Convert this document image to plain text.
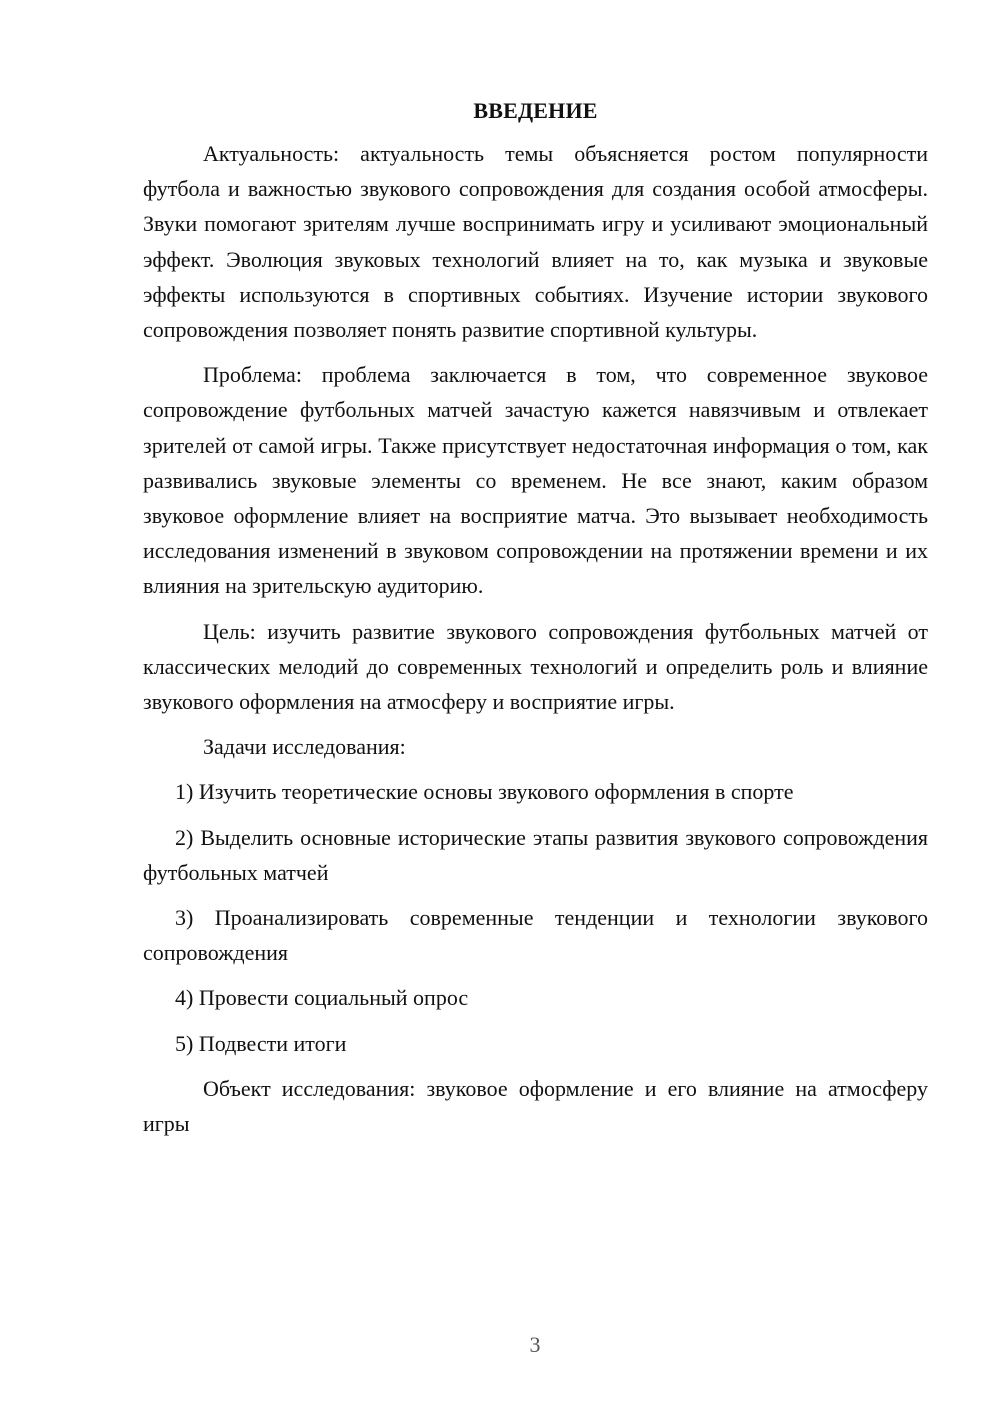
ВВЕДЕНИЕ

Актуальность: актуальность темы объясняется ростом популярности футбола и важностью звукового сопровождения для создания особой атмосферы. Звуки помогают зрителям лучше воспринимать игру и усиливают эмоциональный эффект. Эволюция звуковых технологий влияет на то, как музыка и звуковые эффекты используются в спортивных событиях. Изучение истории звукового сопровождения позволяет понять развитие спортивной культуры.

Проблема: проблема заключается в том, что современное звуковое сопровождение футбольных матчей зачастую кажется навязчивым и отвлекает зрителей от самой игры. Также присутствует недостаточная информация о том, как развивались звуковые элементы со временем. Не все знают, каким образом звуковое оформление влияет на восприятие матча. Это вызывает необходимость исследования изменений в звуковом сопровождении на протяжении времени и их влияния на зрительскую аудиторию.

Цель: изучить развитие звукового сопровождения футбольных матчей от классических мелодий до современных технологий и определить роль и влияние звукового оформления на атмосферу и восприятие игры.

Задачи исследования:

1) Изучить теоретические основы звукового оформления в спорте

2) Выделить основные исторические этапы развития звукового сопровождения футбольных матчей

3) Проанализировать современные тенденции и технологии звукового сопровождения

4) Провести социальный опрос

5) Подвести итоги

Объект исследования: звуковое оформление и его влияние на атмосферу игры

3
